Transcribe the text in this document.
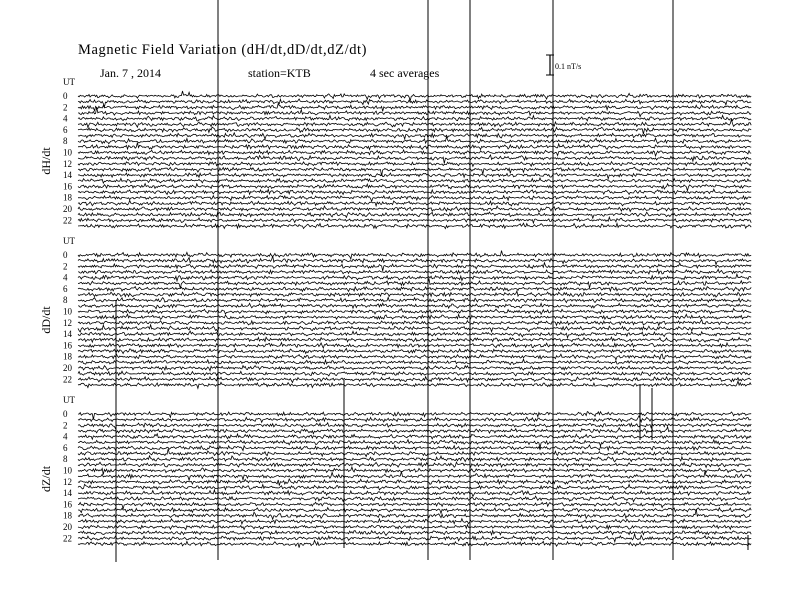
Magnetic Field Variation (dH/dt,dD/dt,dZ/dt)
Jan. 7 , 2014	station=KTB	4 sec averages	0.1 nT/s
UT
0
2
4
6
8
10
12
14
16
18
20
22
dH/dt
UT
0
2
4
6
8
10
12
14
16
18
20
22
dD/dt
UT
0
2
4
6
8
10
12
14
16
18
20
22
dZ/dt
